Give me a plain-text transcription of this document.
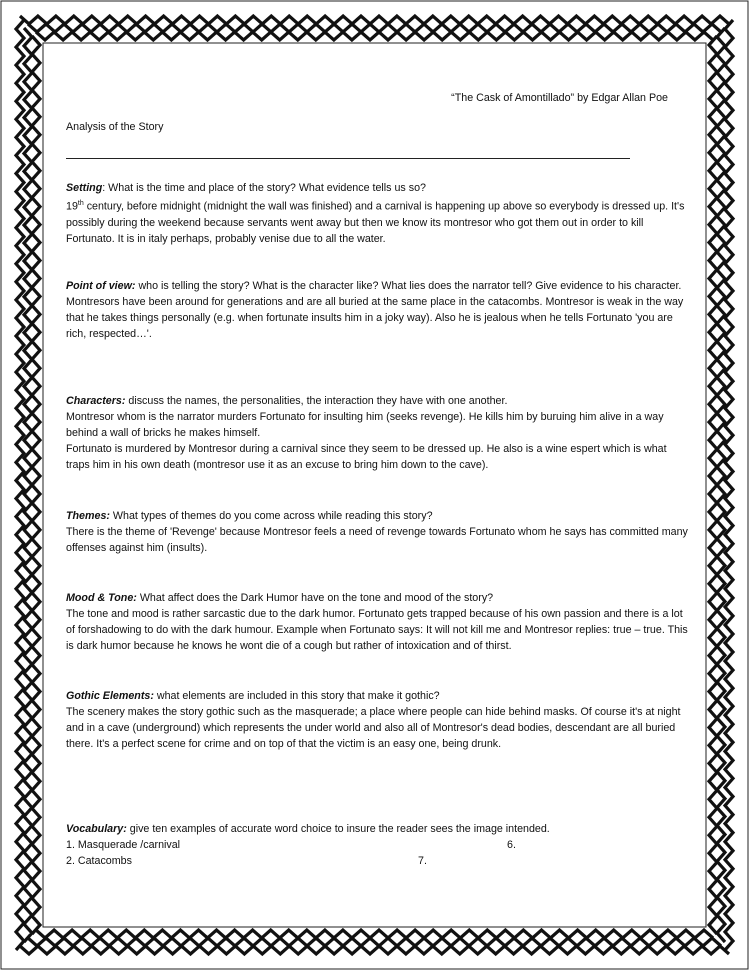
“The Cask of Amontillado” by Edgar Allan Poe
Analysis of the Story

Setting: What is the time and place of the story? What evidence tells us so?

19th century, before midnight (midnight the wall was finished) and a carnival is happening up above so everybody is dressed up. It's possibly during the weekend because servants went away but then we know its montresor who got them out in order to kill Fortunato. It is in italy perhaps, probably venise due to all the water.

Point of view: who is telling the story? What is the character like? What lies does the narrator tell? Give evidence to his character.

Montresors have been around for generations and are all buried at the same place in the catacombs. Montresor is weak in the way that he takes things personally (e.g. when fortunate insults him in a joky way). Also he is jealous when he tells Fortunato 'you are rich, respected…'.

Characters: discuss the names, the personalities, the interaction they have with one another.

Montresor whom is the narrator murders Fortunato for insulting him (seeks revenge). He kills him by buruing him alive in a way behind a wall of bricks he makes himself.

Fortunato is murdered by Montresor during a carnival since they seem to be dressed up. He also is a wine espert which is what traps him in his own death (montresor use it as an excuse to bring him down to the cave).

Themes: What types of themes do you come across while reading this story?

There is the theme of 'Revenge' because Montresor feels a need of revenge towards Fortunato whom he says has committed many offenses against him (insults).

Mood & Tone: What affect does the Dark Humor have on the tone and mood of the story?

The tone and mood is rather sarcastic due to the dark humor. Fortunato gets trapped because of his own passion and there is a lot of forshadowing to do with the dark humour. Example when Fortunato says: It will not kill me and Montresor replies: true – true. This is dark humor because he knows he wont die of a cough but rather of intoxication and of thirst.

Gothic Elements: what elements are included in this story that make it gothic?

The scenery makes the story gothic such as the masquerade; a place where people can hide behind masks. Of course it's at night and in a cave (underground) which represents the under world and also all of Montresor's dead bodies, descendant are all buried there. It's a perfect scene for crime and on top of that the victim is an easy one, being drunk.

Vocabulary: give ten examples of accurate word choice to insure the reader sees the image intended.

1. Masquerade /carnival	6.
2. Catacombs	7.
